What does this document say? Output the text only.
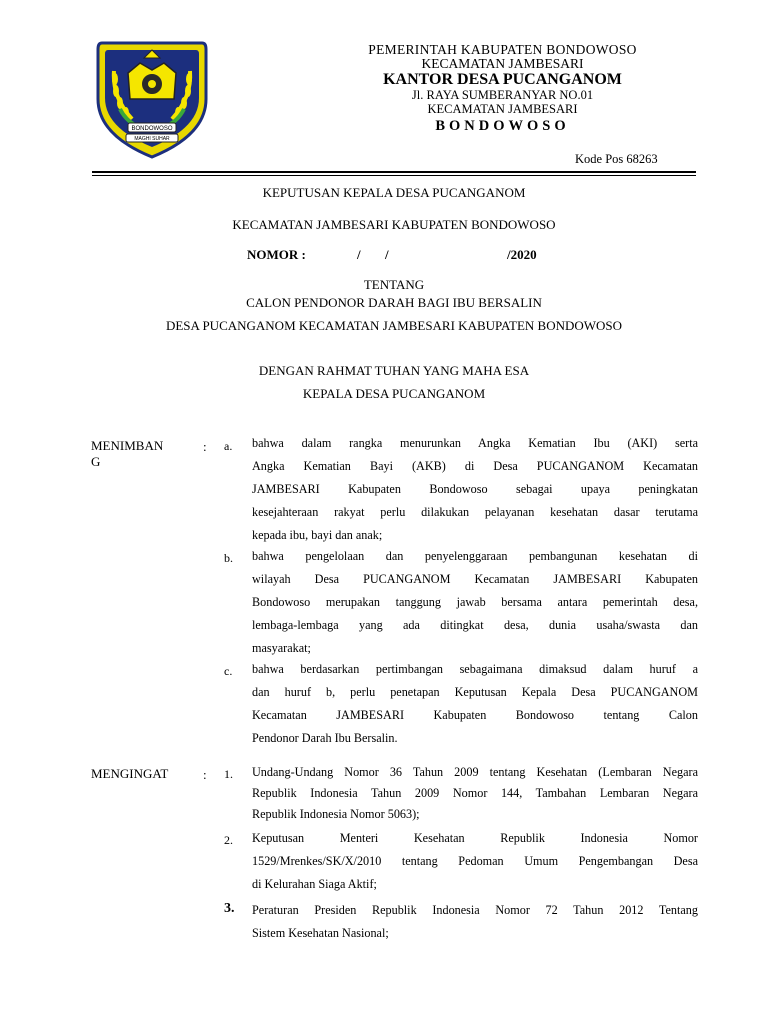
BONDOWOSO
MAGHI SUHAR
PEMERINTAH KABUPATEN BONDOWOSO
KECAMATAN JAMBESARI
KANTOR DESA PUCANGANOM
Jl. RAYA SUMBERANYAR NO.01
KECAMATAN JAMBESARI
BONDOWOSO
Kode Pos 68263
KEPUTUSAN KEPALA DESA PUCANGANOM
KECAMATAN JAMBESARI KABUPATEN BONDOWOSO
NOMOR :	/ /	/2020
TENTANG
CALON PENDONOR DARAH BAGI IBU BERSALIN
DESA PUCANGANOM KECAMATAN JAMBESARI KABUPATEN BONDOWOSO
DENGAN RAHMAT TUHAN YANG MAHA ESA
KEPALA DESA PUCANGANOM
MENIMBAN
G
: a. bahwa dalam rangka menurunkan Angka Kematian Ibu (AKI) serta
Angka Kematian Bayi (AKB) di Desa PUCANGANOM Kecamatan
JAMBESARI Kabupaten Bondowoso sebagai upaya peningkatan
kesejahteraan rakyat perlu dilakukan pelayanan kesehatan dasar terutama
kepada ibu, bayi dan anak;
b. bahwa pengelolaan dan penyelenggaraan pembangunan kesehatan di
wilayah Desa PUCANGANOM Kecamatan JAMBESARI Kabupaten
Bondowoso merupakan tanggung jawab bersama antara pemerintah desa,
lembaga-lembaga yang ada ditingkat desa, dunia usaha/swasta dan
masyarakat;
c. bahwa berdasarkan pertimbangan sebagaimana dimaksud dalam huruf a
dan huruf b, perlu penetapan Keputusan Kepala Desa PUCANGANOM
Kecamatan JAMBESARI Kabupaten Bondowoso tentang Calon
Pendonor Darah Ibu Bersalin.
MENGINGAT	: 1. Undang-Undang Nomor 36 Tahun 2009 tentang Kesehatan (Lembaran Negara
Republik Indonesia Tahun 2009 Nomor 144, Tambahan Lembaran Negara
Republik Indonesia Nomor 5063);
2. Keputusan Menteri Kesehatan Republik Indonesia Nomor
1529/Mrenkes/SK/X/2010 tentang Pedoman Umum Pengembangan Desa
di Kelurahan Siaga Aktif;
3. Peraturan Presiden Republik Indonesia Nomor 72 Tahun 2012 Tentang
Sistem Kesehatan Nasional;
